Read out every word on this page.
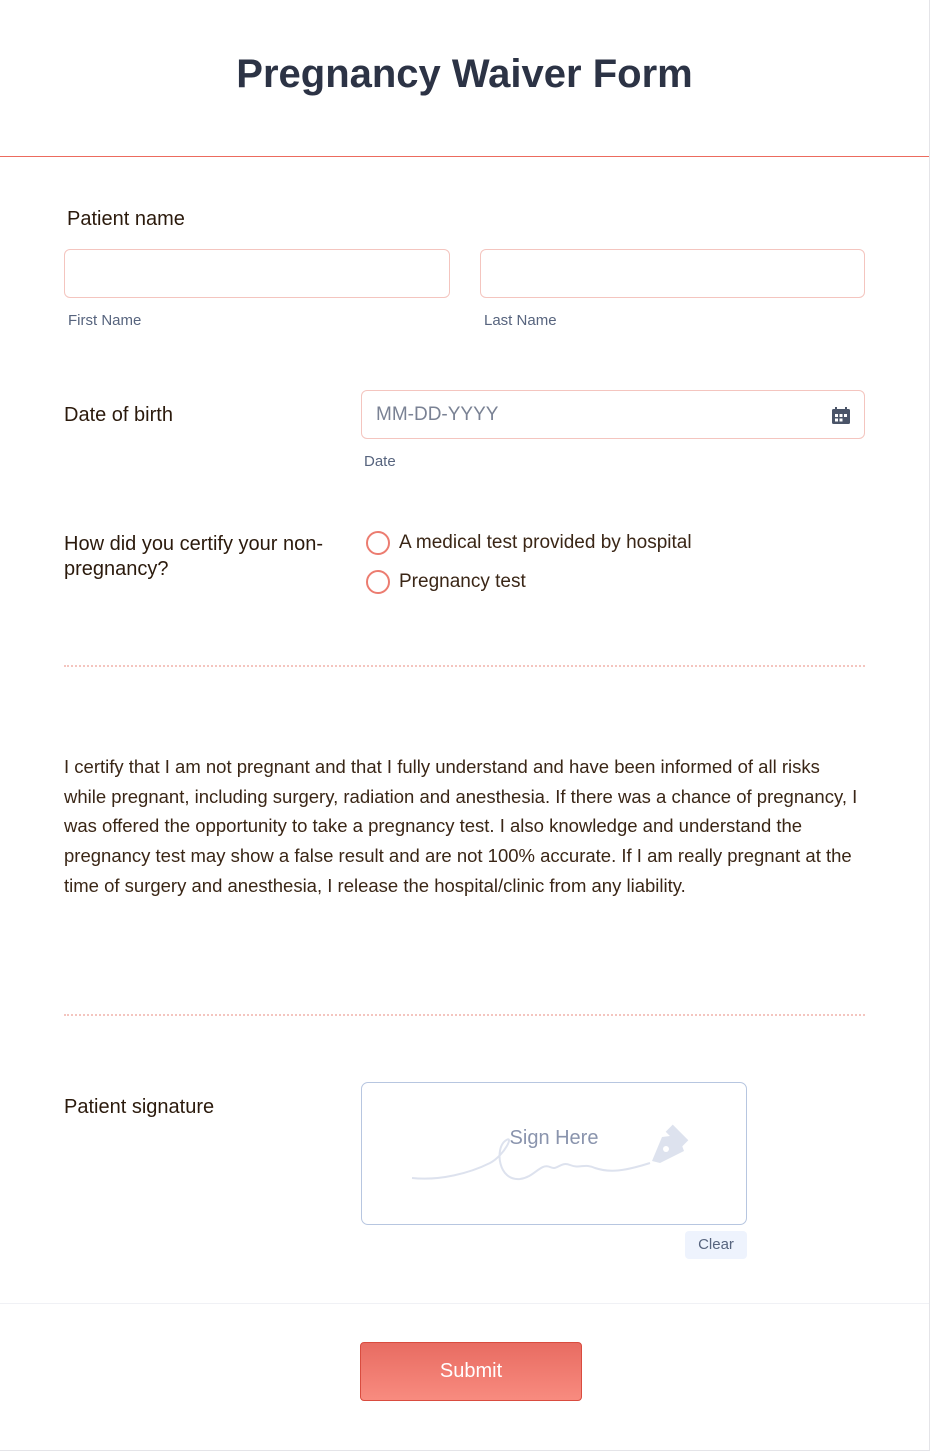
Pregnancy Waiver Form
Patient name
First Name	Last Name
Date of birth	MM-DD-YYYY
Date
How did you certify your non-pregnancy?
A medical test provided by hospital
Pregnancy test
I certify that I am not pregnant and that I fully understand and have been informed of all risks while pregnant, including surgery, radiation and anesthesia. If there was a chance of pregnancy, I was offered the opportunity to take a pregnancy test. I also knowledge and understand the pregnancy test may show a false result and are not 100% accurate. If I am really pregnant at the time of surgery and anesthesia, I release the hospital/clinic from any liability.
Patient signature
Sign Here
Clear
Submit
